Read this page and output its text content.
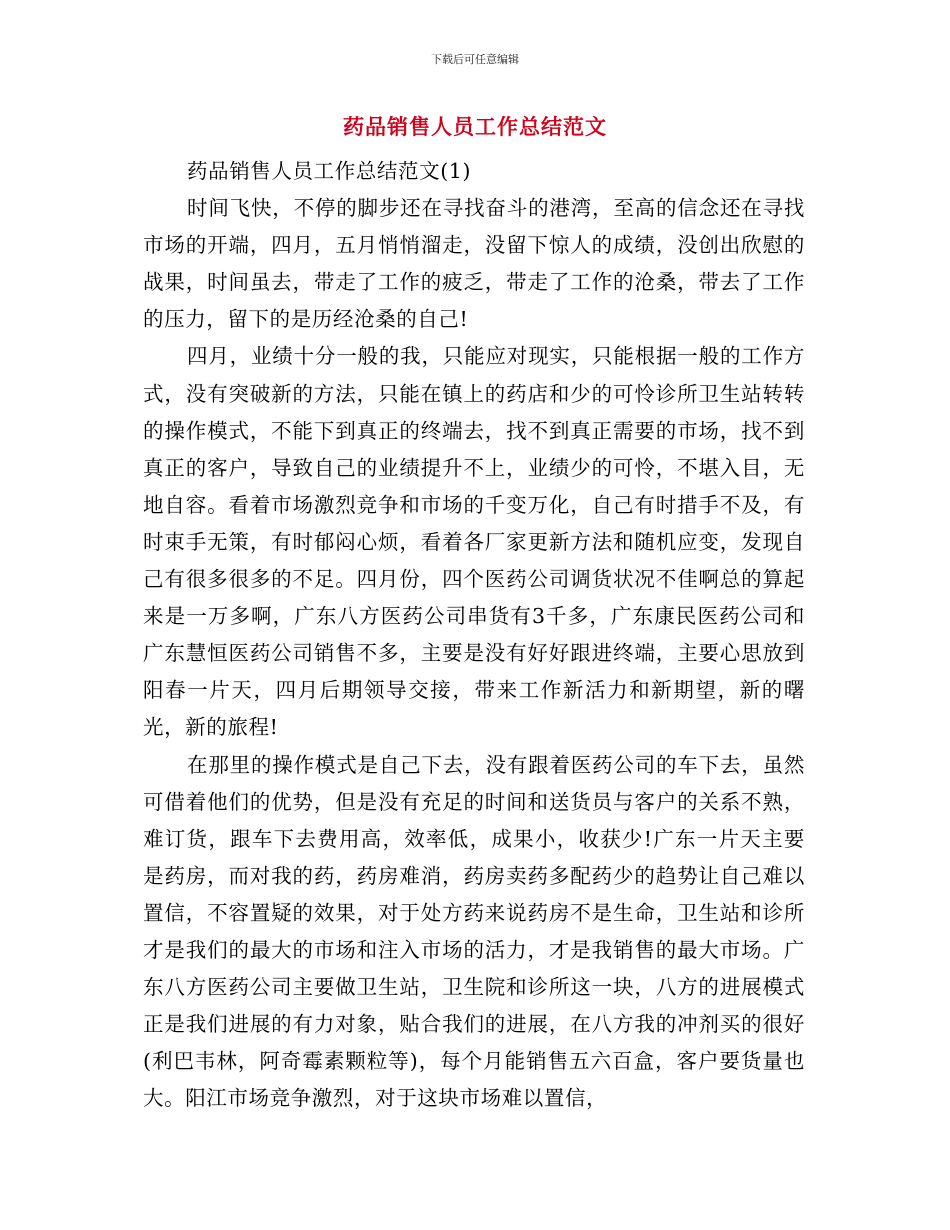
下载后可任意编辑
药品销售人员工作总结范文

药品销售人员工作总结范文(1)

时间飞快，不停的脚步还在寻找奋斗的港湾，至高的信念还在寻找市场的开端，四月，五月悄悄溜走，没留下惊人的成绩，没创出欣慰的战果，时间虽去，带走了工作的疲乏，带走了工作的沧桑，带去了工作的压力，留下的是历经沧桑的自己!

四月，业绩十分一般的我，只能应对现实，只能根据一般的工作方式，没有突破新的方法，只能在镇上的药店和少的可怜诊所卫生站转转的操作模式，不能下到真正的终端去，找不到真正需要的市场，找不到真正的客户，导致自己的业绩提升不上，业绩少的可怜，不堪入目，无地自容。看着市场激烈竞争和市场的千变万化，自己有时措手不及，有时束手无策，有时郁闷心烦，看着各厂家更新方法和随机应变，发现自己有很多很多的不足。四月份，四个医药公司调货状况不佳啊总的算起来是一万多啊，广东八方医药公司串货有3千多，广东康民医药公司和广东慧恒医药公司销售不多，主要是没有好好跟进终端，主要心思放到阳春一片天，四月后期领导交接，带来工作新活力和新期望，新的曙光，新的旅程!

在那里的操作模式是自己下去，没有跟着医药公司的车下去，虽然可借着他们的优势，但是没有充足的时间和送货员与客户的关系不熟，难订货，跟车下去费用高，效率低，成果小，收获少!广东一片天主要是药房，而对我的药，药房难消，药房卖药多配药少的趋势让自己难以置信，不容置疑的效果，对于处方药来说药房不是生命，卫生站和诊所才是我们的最大的市场和注入市场的活力，才是我销售的最大市场。广东八方医药公司主要做卫生站，卫生院和诊所这一块，八方的进展模式正是我们进展的有力对象，贴合我们的进展，在八方我的冲剂买的很好(利巴韦林，阿奇霉素颗粒等)，每个月能销售五六百盒，客户要货量也大。阳江市场竞争激烈，对于这块市场难以置信，
